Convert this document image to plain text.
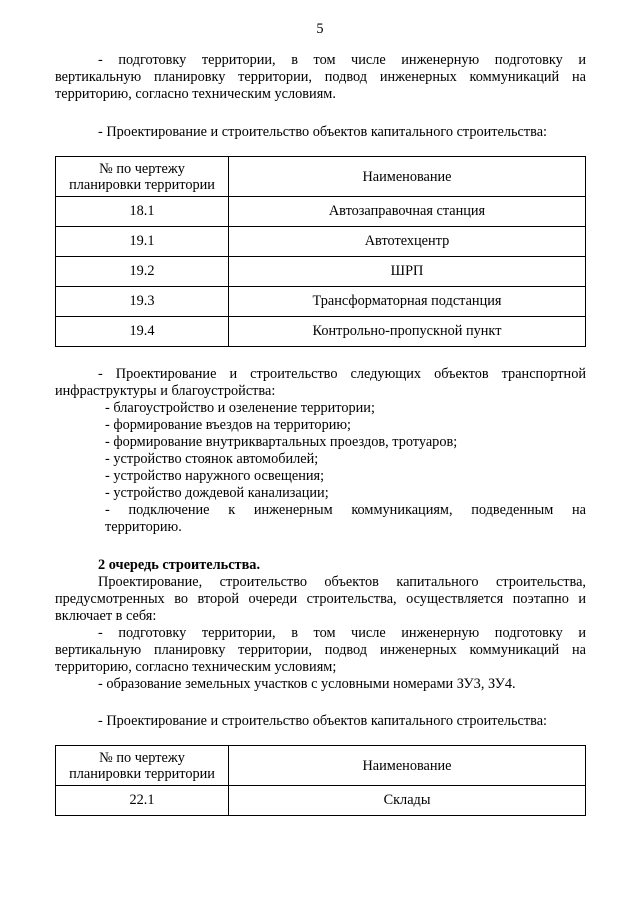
5

- подготовку территории, в том числе инженерную подготовку и

вертикальную планировку территории, подвод инженерных коммуникаций на

территорию, согласно техническим условиям.

- Проектирование и строительство объектов капитального строительства:

№ по чертежу
планировки территории	Наименование
18.1	Автозаправочная станция
19.1	Автотехцентр
19.2	ШРП
19.3	Трансформаторная подстанция
19.4	Контрольно-пропускной пункт

- Проектирование и строительство следующих объектов транспортной

инфраструктуры и благоустройства:

- благоустройство и озеленение территории;

- формирование въездов на территорию;

- формирование внутриквартальных проездов, тротуаров;

- устройство стоянок автомобилей;

- устройство наружного освещения;

- устройство дождевой канализации;

- подключение к инженерным коммуникациям, подведенным на

территорию.

2 очередь строительства.

Проектирование, строительство объектов капитального строительства,

предусмотренных во второй очереди строительства, осуществляется поэтапно и

включает в себя:

- подготовку территории, в том числе инженерную подготовку и

вертикальную планировку территории, подвод инженерных коммуникаций на

территорию, согласно техническим условиям;

- образование земельных участков с условными номерами ЗУ3, ЗУ4.

- Проектирование и строительство объектов капитального строительства:

№ по чертежу
планировки территории	Наименование
22.1	Склады
